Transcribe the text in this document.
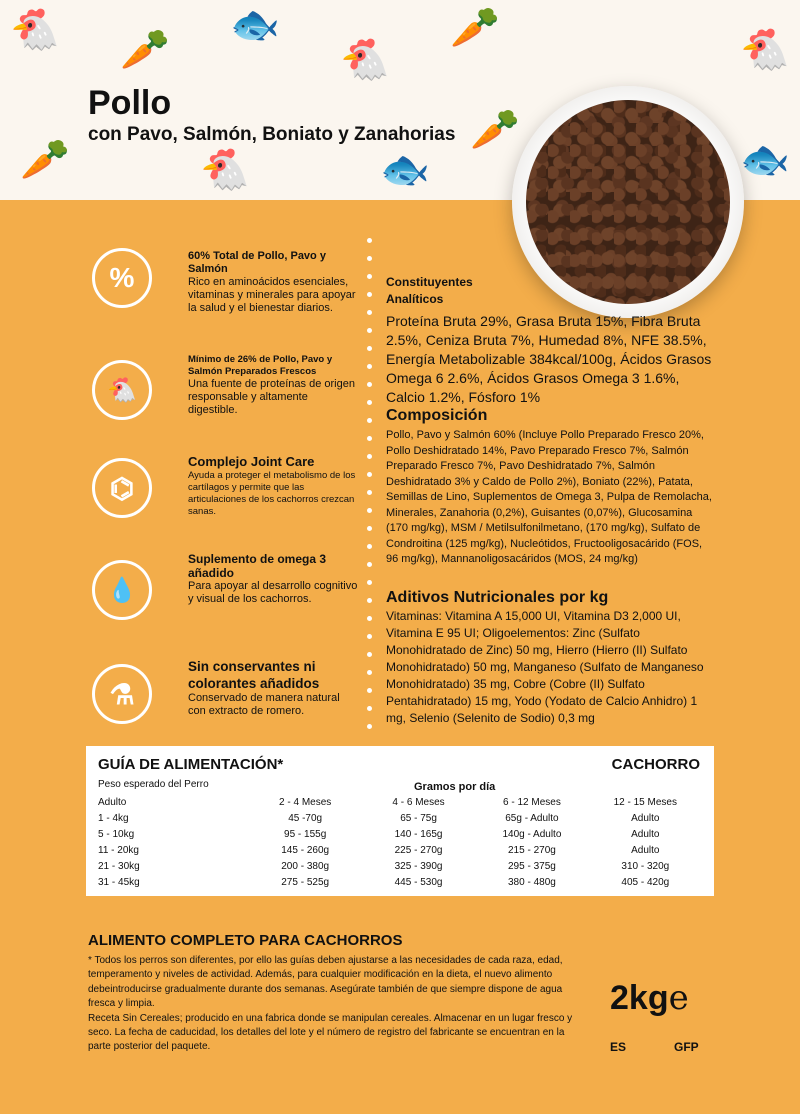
🐔 🥕
🐟
🐔
🥕	🐔
🥕	🐔	🐟
🥕
🐟
Pollo
con Pavo, Salmón, Boniato y Zanahorias
%
60% Total de Pollo, Pavo y Salmón
Rico en aminoácidos esenciales, vitaminas y minerales para apoyar la salud y el bienestar diarios.
🐔
Mínimo de 26% de Pollo, Pavo y Salmón Preparados Frescos
Una fuente de proteínas de origen responsable y altamente digestible.
⌬
Complejo Joint Care
Ayuda a proteger el metabolismo de los cartílagos y permite que las articulaciones de los cachorros crezcan sanas.
💧
Suplemento de omega 3 añadido
Para apoyar al desarrollo cognitivo y visual de los cachorros.
⚗
Sin conservantes ni colorantes añadidos
Conservado de manera natural con extracto de romero.
Constituyentes
Analíticos
Proteína Bruta 29%, Grasa Bruta 15%, Fibra Bruta 2.5%, Ceniza Bruta 7%, Humedad 8%, NFE 38.5%, Energía Metabolizable 384kcal/100g, Ácidos Grasos Omega 6 2.6%, Ácidos Grasos Omega 3 1.6%, Calcio 1.2%, Fósforo 1%
Composición
Pollo, Pavo y Salmón 60% (Incluye Pollo Preparado Fresco 20%, Pollo Deshidratado 14%, Pavo Preparado Fresco 7%, Salmón Preparado Fresco 7%, Pavo Deshidratado 7%, Salmón Deshidratado 3% y Caldo de Pollo 2%), Boniato (22%), Patata, Semillas de Lino, Suplementos de Omega 3, Pulpa de Remolacha, Minerales, Zanahoria (0,2%), Guisantes (0,07%), Glucosamina (170 mg/kg), MSM / Metilsulfonilmetano, (170 mg/kg), Sulfato de Condroitina (125 mg/kg), Nucleótidos, Fructooligosacárido (FOS, 96 mg/kg), Mannanoligosacáridos (MOS, 24 mg/kg)
Aditivos Nutricionales por kg
Vitaminas: Vitamina A 15,000 UI, Vitamina D3 2,000 UI, Vitamina E 95 UI; Oligoelementos: Zinc (Sulfato Monohidratado de Zinc) 50 mg, Hierro (Hierro (II) Sulfato Monohidratado) 50 mg, Manganeso (Sulfato de Manganeso Monohidratado) 35 mg, Cobre (Cobre (II) Sulfato Pentahidratado) 15 mg, Yodo (Yodato de Calcio Anhidro) 1 mg, Selenio (Selenito de Sodio) 0,3 mg
GUÍA DE ALIMENTACIÓN*	CACHORRO
Peso esperado del Perro	Gramos por día
Adulto	2 - 4 Meses	4 - 6 Meses	6 - 12 Meses	12 - 15 Meses
1 - 4kg	45 -70g	65 - 75g	65g - Adulto	Adulto
5 - 10kg	95 - 155g	140 - 165g	140g - Adulto	Adulto
11 - 20kg	145 - 260g	225 - 270g	215 - 270g	Adulto
21 - 30kg	200 - 380g	325 - 390g	295 - 375g	310 - 320g
31 - 45kg	275 - 525g	445 - 530g	380 - 480g	405 - 420g
ALIMENTO COMPLETO PARA CACHORROS
* Todos los perros son diferentes, por ello las guías deben ajustarse a las necesidades de cada raza, edad, temperamento y niveles de actividad. Además, para cualquier modificación en la dieta, el nuevo alimento debeintroducirse gradualmente durante dos semanas. Asegúrate también de que siempre dispone de agua fresca y limpia.
Receta Sin Cereales; producido en una fabrica donde se manipulan cereales. Almacenar en un lugar fresco y seco. La fecha de caducidad, los detalles del lote y el número de registro del fabricante se encuentran en la parte posterior del paquete.
2kge
ES	GFP
